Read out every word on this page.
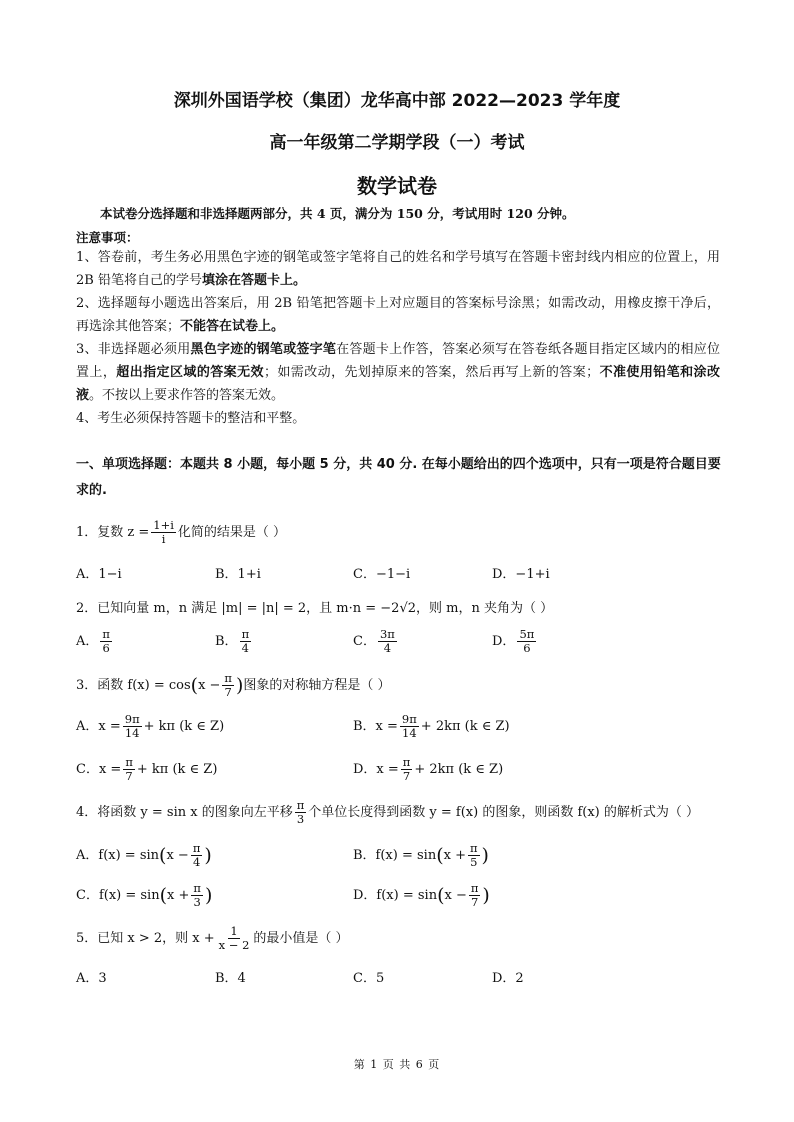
深圳外国语学校（集团）龙华高中部 2022—2023 学年度
高一年级第二学期学段（一）考试
数学试卷
本试卷分选择题和非选择题两部分，共 4 页，满分为 150 分，考试用时 120 分钟。
注意事项：
1、答卷前，考生务必用黑色字迹的钢笔或签字笔将自己的姓名和学号填写在答题卡密封线内相应的位置上，用 2B 铅笔将自己的学号填涂在答题卡上。
2、选择题每小题选出答案后，用 2B 铅笔把答题卡上对应题目的答案标号涂黑；如需改动，用橡皮擦干净后，再选涂其他答案；不能答在试卷上。
3、非选择题必须用黑色字迹的钢笔或签字笔在答题卡上作答，答案必须写在答卷纸各题目指定区域内的相应位置上，超出指定区域的答案无效；如需改动，先划掉原来的答案，然后再写上新的答案；不准使用铅笔和涂改液。不按以上要求作答的答案无效。
4、考生必须保持答题卡的整洁和平整。
一、单项选择题：本题共 8 小题，每小题 5 分，共 40 分. 在每小题给出的四个选项中，只有一项是符合题目要求的.
1．复数 $z = \frac{1+i}{i}$ 化简的结果是（ ）
A．1−i	B．1+i	C．−1−i	D．−1+i
2．已知向量 m，n 满足 |m| = |n| = 2，且 m·n = −2√2，则 m，n 夹角为（ ）
A． $\frac{\pi}{6}$	B． $\frac{\pi}{4}$	C． $\frac{3\pi}{4}$	D． $\frac{5\pi}{6}$
3．函数 $f(x) = \cos(x - \frac{\pi}{7}$ )图象的对称轴方程是（ ）
A．$x = \frac{9\pi}{14} + k\pi$ (k ∈ Z)	B．$x = \frac{9\pi}{14} + 2k\pi$ (k ∈ Z)
C．$x = \frac{\pi}{7} + k\pi$ (k ∈ Z)	D．$x = \frac{\pi}{7} + 2k\pi$ (k ∈ Z)
4．将函数 y = sin x 的图象向左平移 $\frac{\pi}{3}$ 个单位长度得到函数 y = f(x) 的图象，则函数 f(x) 的解析式为（ ）
A．$f(x) = \sin(x - \frac{\pi}{4}$ )	B．$f(x) = \sin(x + \frac{\pi}{5}$ )
C．$f(x) = \sin(x + \frac{\pi}{3}$ )	D．$f(x) = \sin(x - \frac{\pi}{7}$ )
5．已知 x > 2，则 $x + \frac{1}{x - 2}$ 的最小值是（ ）
A．3	B．4	C．5	D．2
第 1 页 共 6 页
